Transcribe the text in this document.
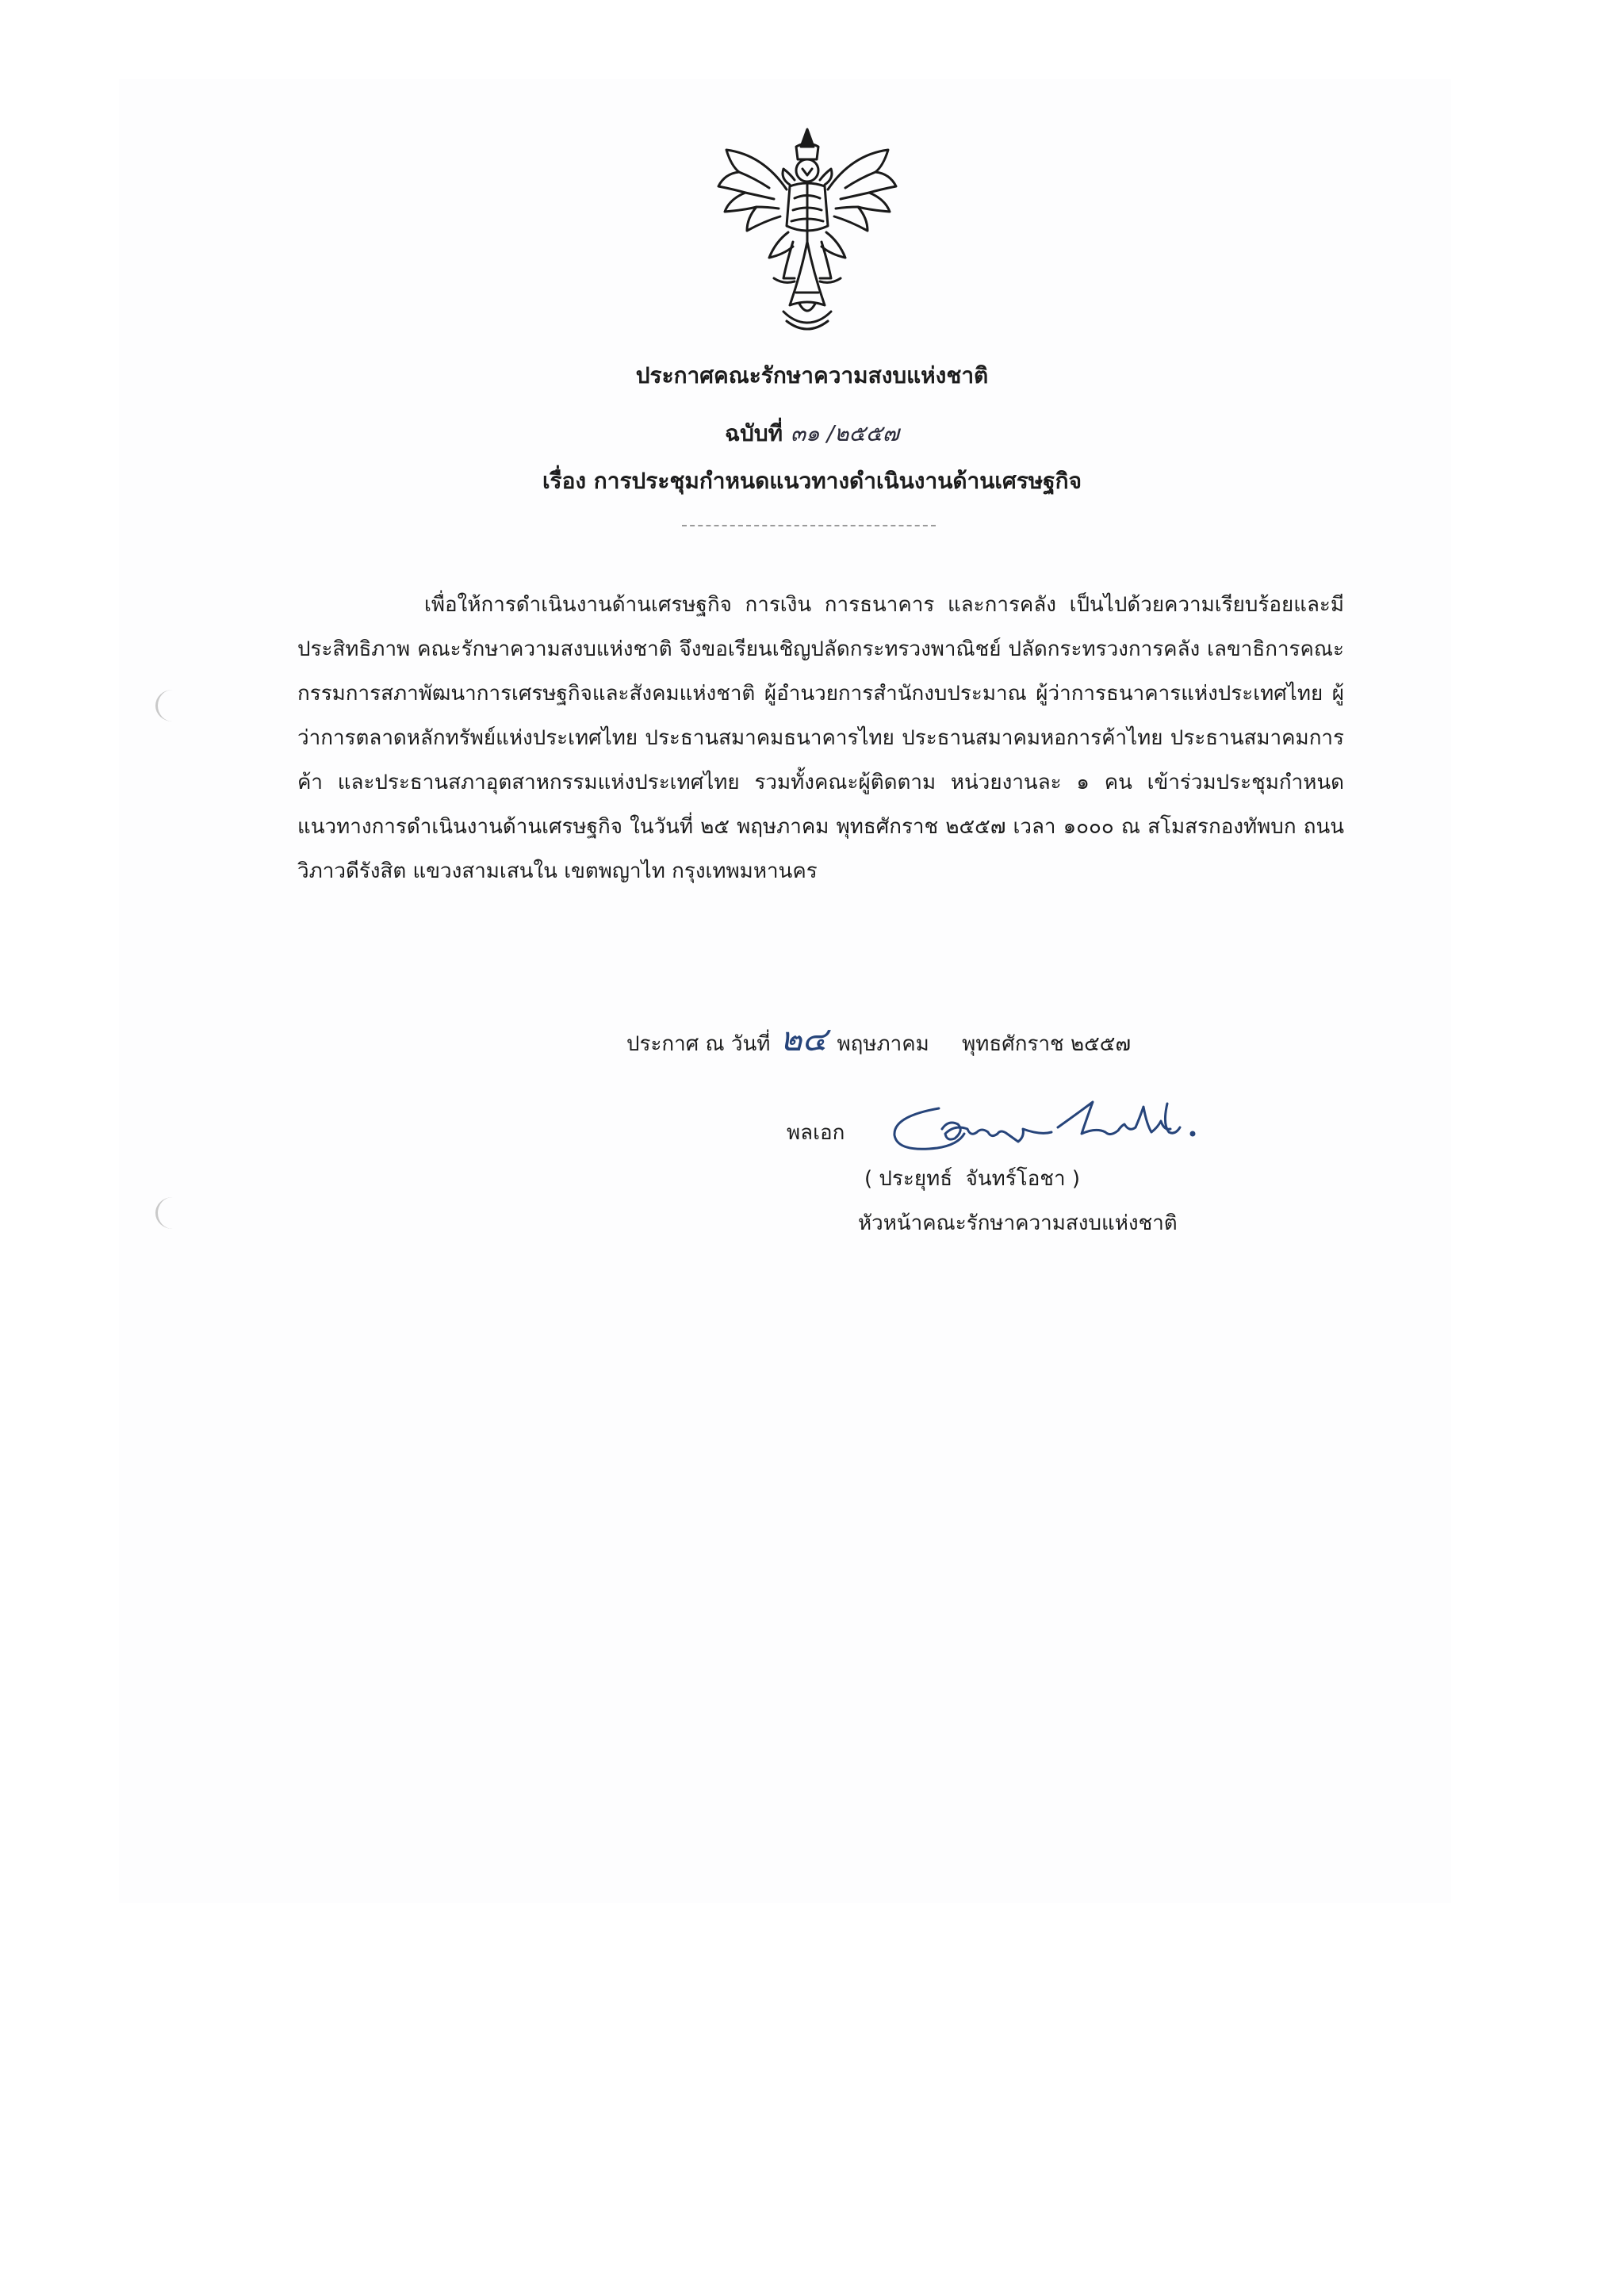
ประกาศคณะรักษาความสงบแห่งชาติ
ฉบับที่ ๓๑ /๒๕๕๗
เรื่อง การประชุมกำหนดแนวทางดำเนินงานด้านเศรษฐกิจ
เพื่อให้การดำเนินงานด้านเศรษฐกิจ การเงิน การธนาคาร และการคลัง เป็นไปด้วยความเรียบร้อยและมีประสิทธิภาพ คณะรักษาความสงบแห่งชาติ จึงขอเรียนเชิญปลัดกระทรวงพาณิชย์ ปลัดกระทรวงการคลัง เลขาธิการคณะกรรมการสภาพัฒนาการเศรษฐกิจและสังคมแห่งชาติ ผู้อำนวยการสำนักงบประมาณ ผู้ว่าการธนาคารแห่งประเทศไทย ผู้ว่าการตลาดหลักทรัพย์แห่งประเทศไทย ประธานสมาคมธนาคารไทย ประธานสมาคมหอการค้าไทย ประธานสมาคมการค้า และประธานสภาอุตสาหกรรมแห่งประเทศไทย รวมทั้งคณะผู้ติดตาม หน่วยงานละ ๑ คน เข้าร่วมประชุมกำหนดแนวทางการดำเนินงานด้านเศรษฐกิจ ในวันที่ ๒๕ พฤษภาคม พุทธศักราช ๒๕๕๗ เวลา ๑๐๐๐ ณ สโมสรกองทัพบก ถนนวิภาวดีรังสิต แขวงสามเสนใน เขตพญาไท กรุงเทพมหานคร
ประกาศ ณ วันที่ ๒๔ พฤษภาคม พุทธศักราช ๒๕๕๗
พลเอก
( ประยุทธ์  จันทร์โอชา )
หัวหน้าคณะรักษาความสงบแห่งชาติ
